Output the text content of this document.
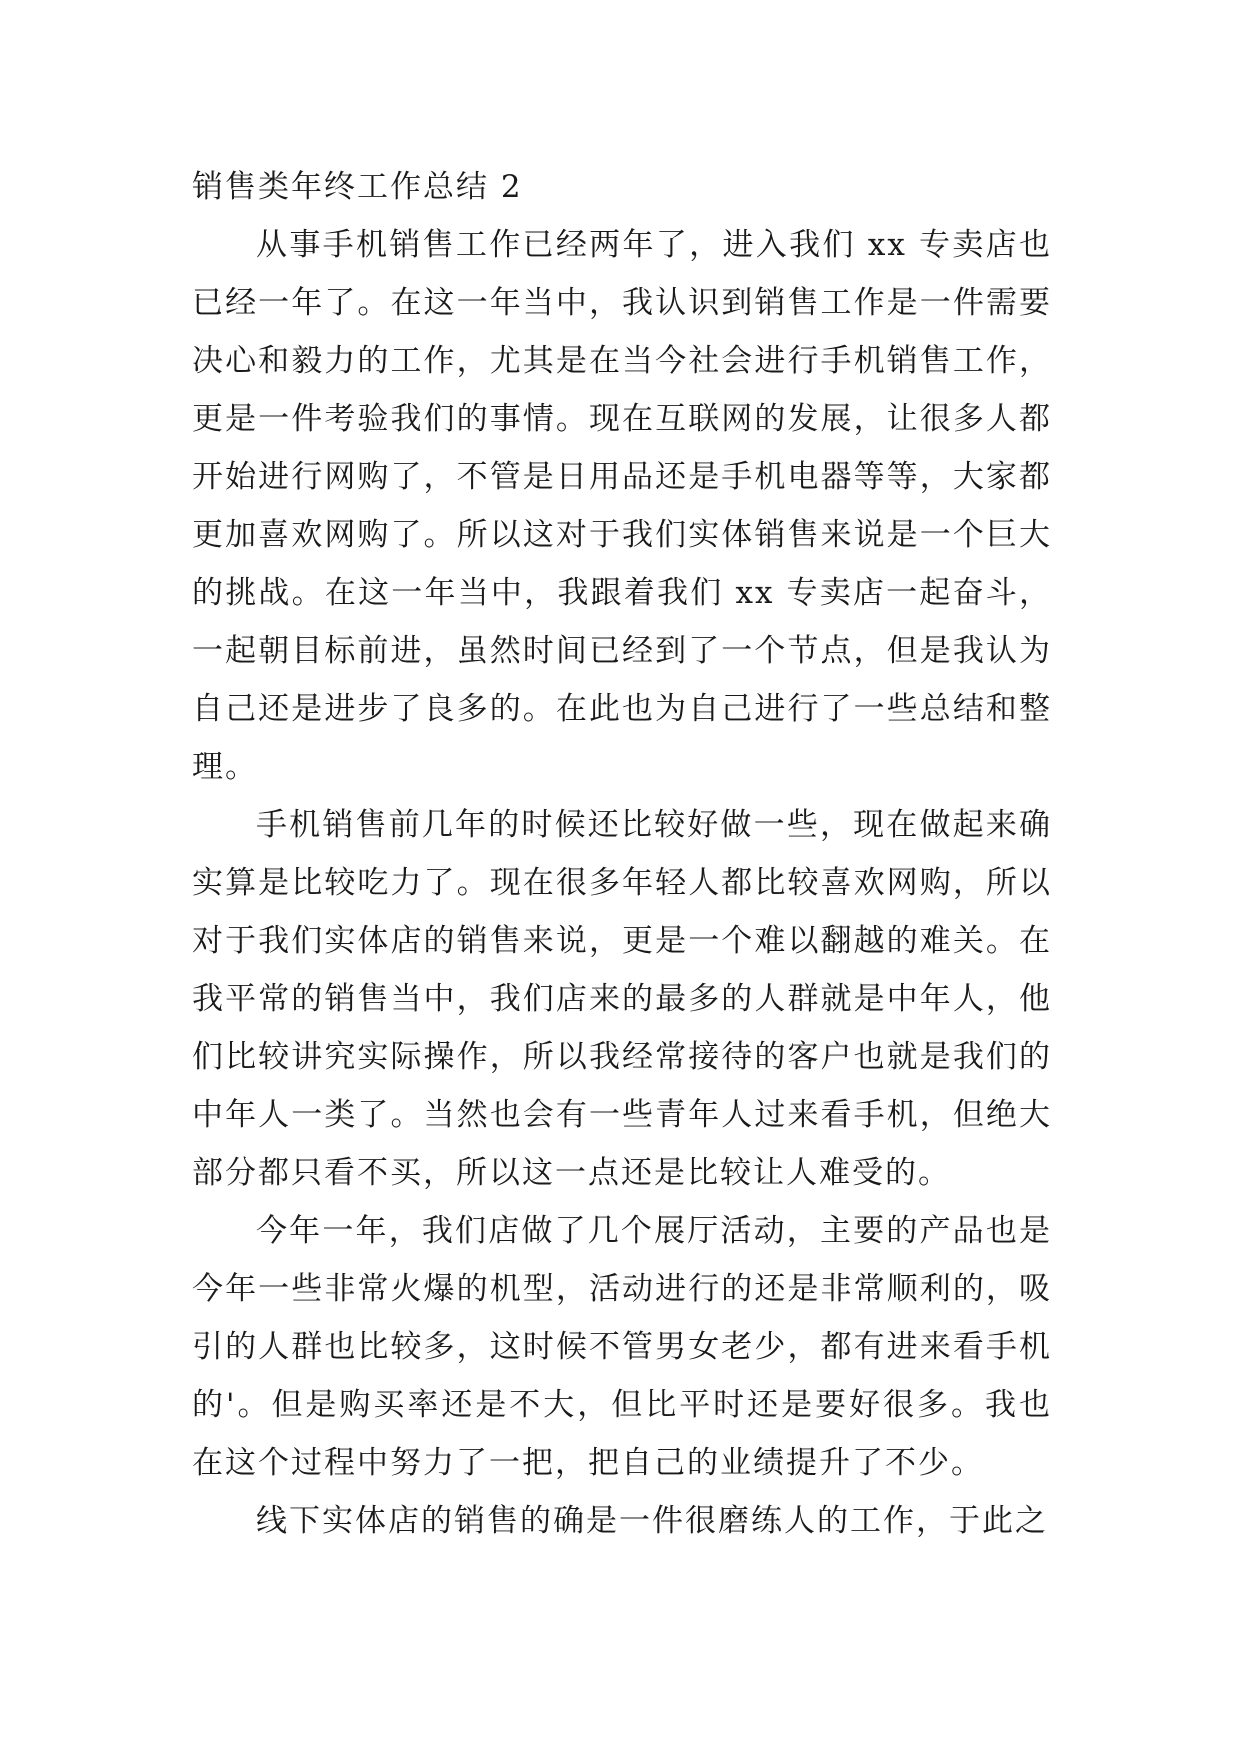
销售类年终工作总结 2

从事手机销售工作已经两年了，进入我们 xx 专卖店也已经一年了。在这一年当中，我认识到销售工作是一件需要决心和毅力的工作，尤其是在当今社会进行手机销售工作，更是一件考验我们的事情。现在互联网的发展，让很多人都开始进行网购了，不管是日用品还是手机电器等等，大家都更加喜欢网购了。所以这对于我们实体销售来说是一个巨大的挑战。在这一年当中，我跟着我们 xx 专卖店一起奋斗，一起朝目标前进，虽然时间已经到了一个节点，但是我认为自己还是进步了良多的。在此也为自己进行了一些总结和整理。

手机销售前几年的时候还比较好做一些，现在做起来确实算是比较吃力了。现在很多年轻人都比较喜欢网购，所以对于我们实体店的销售来说，更是一个难以翻越的难关。在我平常的销售当中，我们店来的最多的人群就是中年人，他们比较讲究实际操作，所以我经常接待的客户也就是我们的中年人一类了。当然也会有一些青年人过来看手机，但绝大部分都只看不买，所以这一点还是比较让人难受的。

今年一年，我们店做了几个展厅活动，主要的产品也是今年一些非常火爆的机型，活动进行的还是非常顺利的，吸引的人群也比较多，这时候不管男女老少，都有进来看手机的'。但是购买率还是不大，但比平时还是要好很多。我也在这个过程中努力了一把，把自己的业绩提升了不少。

线下实体店的销售的确是一件很磨练人的工作，于此之
